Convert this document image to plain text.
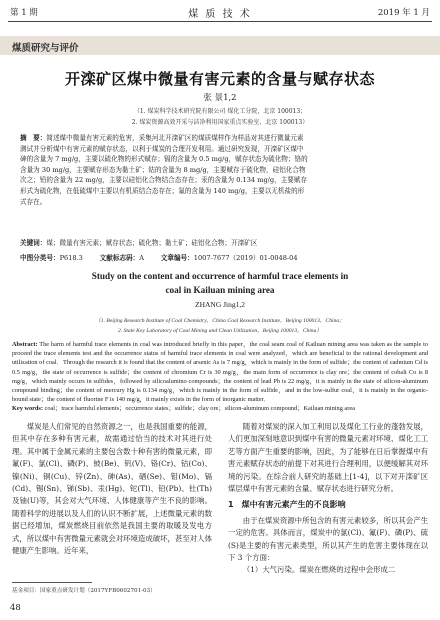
第 1 期	煤 质 技 术	2019 年 1 月
煤质研究与评价
开滦矿区煤中微量有害元素的含量与赋存状态
张 景1,2
（1. 煤炭科学技术研究院有限公司 煤化工分院，北京 100013；
2. 煤炭资源高效开采与洁净利用国家重点实验室，北京 100013）
摘　要：简述煤中微量有害元素的危害，采集河北开滦矿区的煤质煤样作为样品对其进行微量元素
测试并分析煤中有害元素的赋存状态，以利于煤炭的合理开发利用。通过研究发现，开滦矿区煤中
砷的含量为 7 mg/g，主要以硫化物的形式赋存；镉的含量为 0.5 mg/g，赋存状态为硫化物；铬的
含量为 30 mg/g，主要赋存形态为黏土矿；钴的含量为 8 mg/g，主要赋存于硫化物，硅铝化合物
次之；铅的含量为 22 mg/g，主要以硅铝化合物结合态存在；汞的含量为 0.134 mg/g，主要赋存
形式为硫化物，在低硫煤中主要以有机质结合态存在；氟的含量为 140 mg/g，主要以无机盐的形
式存在。
关键词：煤；微量有害元素；赋存状态；硫化物；黏土矿；硅铝化合物；开滦矿区
中图分类号：P618.3	文献标志码：A	文章编号：1007-7677（2019）01-0048-04
Study on the content and occurrence of harmful trace elements in
coal in Kailuan mining area
ZHANG Jing1,2
（1. Beijing Research Institute of Coal Chemistry，China Coal Research Institute，Beijing 100013，China；
2. State Key Laboratory of Coal Mining and Clean Utilization，Beijing 100013，China）
Abstract: The harm of harmful trace elements in coal was introduced briefly in this paper，the coal seam coal of Kailuan mining area was taken as the sample to proceed the trace elements test and the occurrence status of harmful trace elements in coal were analyzed，which are beneficial to the rational development and utilization of coal．Through the research it is found that the content of arsenic As is 7 mg/g，which is mainly in the form of sulfide；the content of cadmium Cd is 0.5 mg/g，the state of occurrence is sulfide；the content of chromium Cr is 30 mg/g，the main form of occurrence is clay ore；the content of cobalt Co is 8 mg/g，which mainly occurs in sulfides，followed by silicoalumino compounds；the content of lead Pb is 22 mg/g，it is mainly in the state of silicon-aluminum compound binding；the content of mercury Hg is 0.134 mg/g，which is mainly in the form of sulfide，and in the low-sulfur coal，it is mainly in the organic-bound state；the content of fluorine F is 140 mg/g，it mainly exists in the form of inorganic matter．
Key words: coal；trace harmful elements；occurrence states；sulfide；clay ore；silicon-aluminum compound；Kailuan mining area

煤炭是人们常见的自然资源之一，也是我国重要的能源，但其中存在多种有害元素，故需通过恰当的技术对其进行处理。其中属于金属元素的主要包含数十种有害的微量元素，即氟(F)、氯(Cl)、磷(P)、铍(Be)、钒(V)、铬(Cr)、钴(Co)、镍(Ni)、铜(Cu)、锌(Zn)、砷(As)、硒(Se)、钼(Mo)、镉(Cd)、锡(Sn)、锑(Sb)、汞(Hg)、铊(Tl)、铅(Pb)、钍(Th)及铀(U)等，其会对大气环境、人体健康等产生不良的影响。随着科学的进展以及人们的认识不断扩展，上述微量元素的数据已经增加，煤炭燃烧目前依然是我国主要的取暖及发电方式，所以煤中有害微量元素就会对环境造成破坏，甚至对人体健康产生影响。近年来，

随着对煤炭的深入加工利用以及煤化工行业的蓬勃发展，人们更加深刻地意识到煤中有害的微量元素对环境、煤化工工艺等方面产生重要的影响，因此，为了能够在日后掌握煤中有害元素赋存状态的前提下对其进行合理利用，以便缓解其对环境的污染。在综合前人研究的基础上[1-4]，以下对开滦矿区煤层煤中有害元素的含量、赋存状态进行研究分析。

1　煤中有害元素产生的不良影响

由于在煤炭资源中所包含的有害元素较多，所以其会产生一定的危害。具体而言，煤炭中的氯(Cl)、氟(F)、磷(P)、硫(S)是主要的有害元素类型，所以其产生的危害主要体现在以下 3 个方面：

（1）大气污染。煤炭在燃烧的过程中会形成二

基金项目：国家重点研发计划（2017YFB0602701-03）
48
